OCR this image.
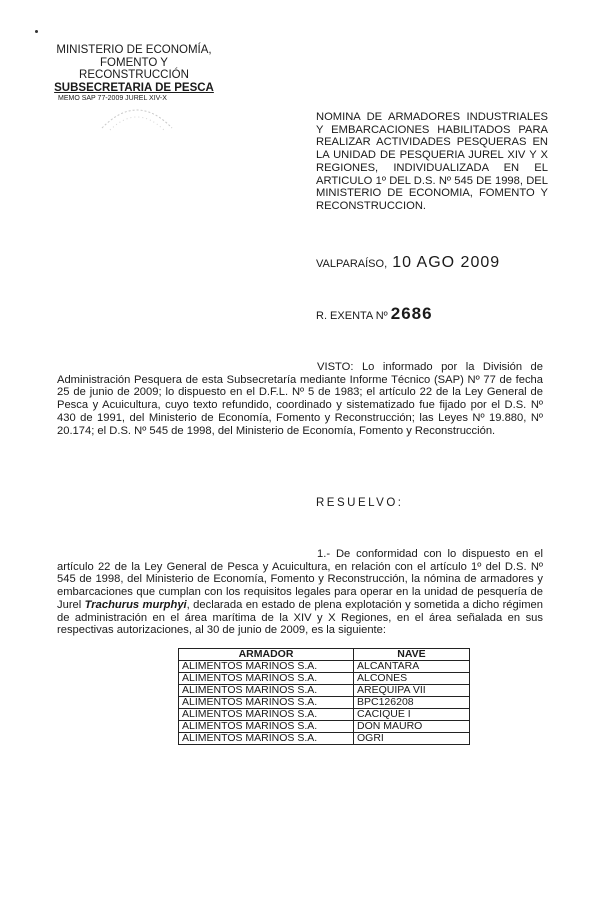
MINISTERIO DE ECONOMÍA,
FOMENTO Y RECONSTRUCCIÓN
SUBSECRETARIA DE PESCA
MEMO SAP 77-2009 JUREL XIV-X
NOMINA DE ARMADORES INDUSTRIALES Y EMBARCACIONES HABILITADOS PARA REALIZAR ACTIVIDADES PESQUERAS EN LA UNIDAD DE PESQUERIA JUREL XIV Y X REGIONES, INDIVIDUALIZADA EN EL ARTICULO 1º DEL D.S. Nº 545 DE 1998, DEL MINISTERIO DE ECONOMIA, FOMENTO Y RECONSTRUCCION.
VALPARAÍSO, 10 AGO 2009
R. EXENTA Nº 2686
VISTO: Lo informado por la División de Administración Pesquera de esta Subsecretaría mediante Informe Técnico (SAP) Nº 77 de fecha 25 de junio de 2009; lo dispuesto en el D.F.L. Nº 5 de 1983; el artículo 22 de la Ley General de Pesca y Acuicultura, cuyo texto refundido, coordinado y sistematizado fue fijado por el D.S. Nº 430 de 1991, del Ministerio de Economía, Fomento y Reconstrucción; las Leyes Nº 19.880, Nº 20.174; el D.S. Nº 545 de 1998, del Ministerio de Economía, Fomento y Reconstrucción.
RESUELVO:
1.- De conformidad con lo dispuesto en el artículo 22 de la Ley General de Pesca y Acuicultura, en relación con el artículo 1º del D.S. Nº 545 de 1998, del Ministerio de Economía, Fomento y Reconstrucción, la nómina de armadores y embarcaciones que cumplan con los requisitos legales para operar en la unidad de pesquería de Jurel Trachurus murphyi, declarada en estado de plena explotación y sometida a dicho régimen de administración en el área marítima de la XIV y X Regiones, en el área señalada en sus respectivas autorizaciones, al 30 de junio de 2009, es la siguiente:
ARMADOR	NAVE
ALIMENTOS MARINOS S.A.	ALCANTARA
ALIMENTOS MARINOS S.A.	ALCONES
ALIMENTOS MARINOS S.A.	AREQUIPA VII
ALIMENTOS MARINOS S.A.	BPC126208
ALIMENTOS MARINOS S.A.	CACIQUE I
ALIMENTOS MARINOS S.A.	DON MAURO
ALIMENTOS MARINOS S.A.	OGRI
